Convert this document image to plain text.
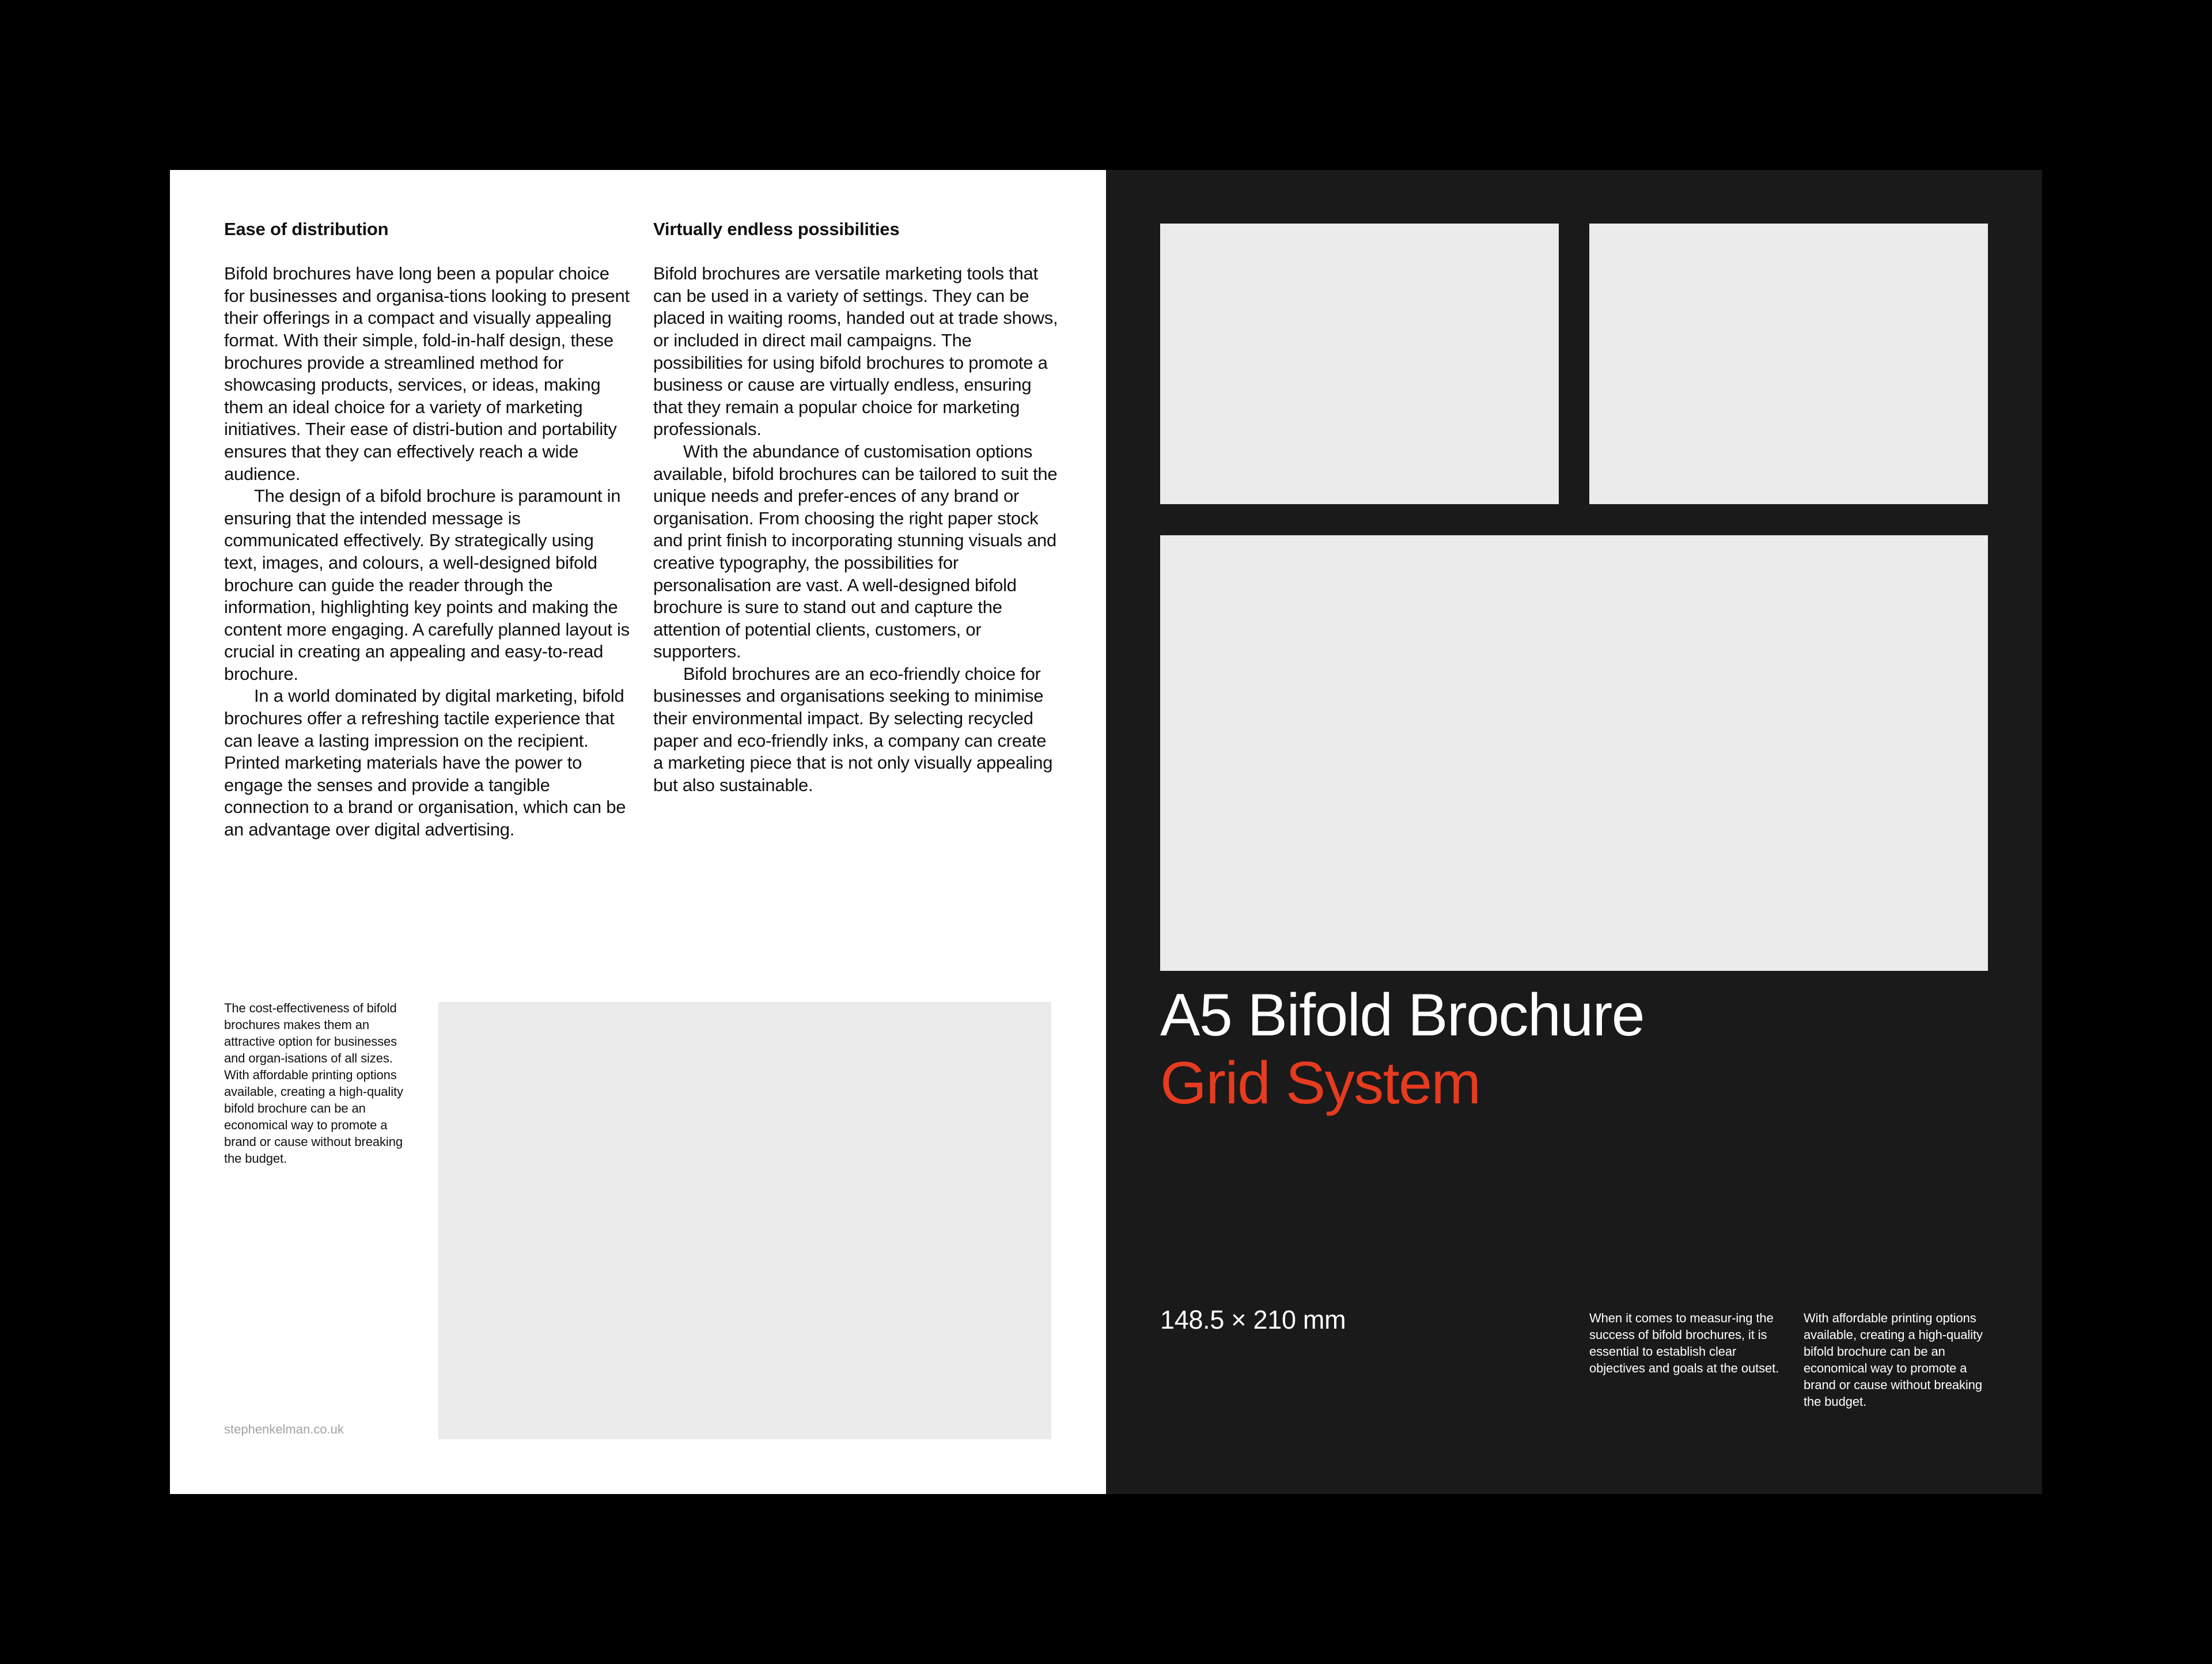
Ease of distribution

Bifold brochures have long been a popular choice for businesses and organisa-tions looking to present their offerings in a compact and visually appealing format. With their simple, fold-in-half design, these brochures provide a streamlined method for showcasing products, services, or ideas, making them an ideal choice for a variety of marketing initiatives. Their ease of distri-bution and portability ensures that they can effectively reach a wide audience.

The design of a bifold brochure is paramount in ensuring that the intended message is communicated effectively. By strategically using text, images, and colours, a well-designed bifold brochure can guide the reader through the information, highlighting key points and making the content more engaging. A carefully planned layout is crucial in creating an appealing and easy-to-read brochure.

In a world dominated by digital marketing, bifold brochures offer a refreshing tactile experience that can leave a lasting impression on the recipient. Printed marketing materials have the power to engage the senses and provide a tangible connection to a brand or organisation, which can be an advantage over digital advertising.

Virtually endless possibilities

Bifold brochures are versatile marketing tools that can be used in a variety of settings. They can be placed in waiting rooms, handed out at trade shows, or included in direct mail campaigns. The possibilities for using bifold brochures to promote a business or cause are virtually endless, ensuring that they remain a popular choice for marketing professionals.

With the abundance of customisation options available, bifold brochures can be tailored to suit the unique needs and prefer-ences of any brand or organisation. From choosing the right paper stock and print finish to incorporating stunning visuals and creative typography, the possibilities for personalisation are vast. A well-designed bifold brochure is sure to stand out and capture the attention of potential clients, customers, or supporters.

Bifold brochures are an eco-friendly choice for businesses and organisations seeking to minimise their environmental impact. By selecting recycled paper and eco-friendly inks, a company can create a marketing piece that is not only visually appealing but also sustainable.

The cost-effectiveness of bifold brochures makes them an attractive option for businesses and organ-isations of all sizes. With affordable printing options available, creating a high-quality bifold brochure can be an economical way to promote a brand or cause without breaking the budget.
stephenkelman.co.uk
A5 Bifold Brochure
Grid System
148.5 × 210 mm	When it comes to measur-ing the success of bifold brochures, it is essential to establish clear objectives and goals at the outset.
With affordable printing options available, creating a high-quality bifold brochure can be an economical way to promote a brand or cause without breaking the budget.
